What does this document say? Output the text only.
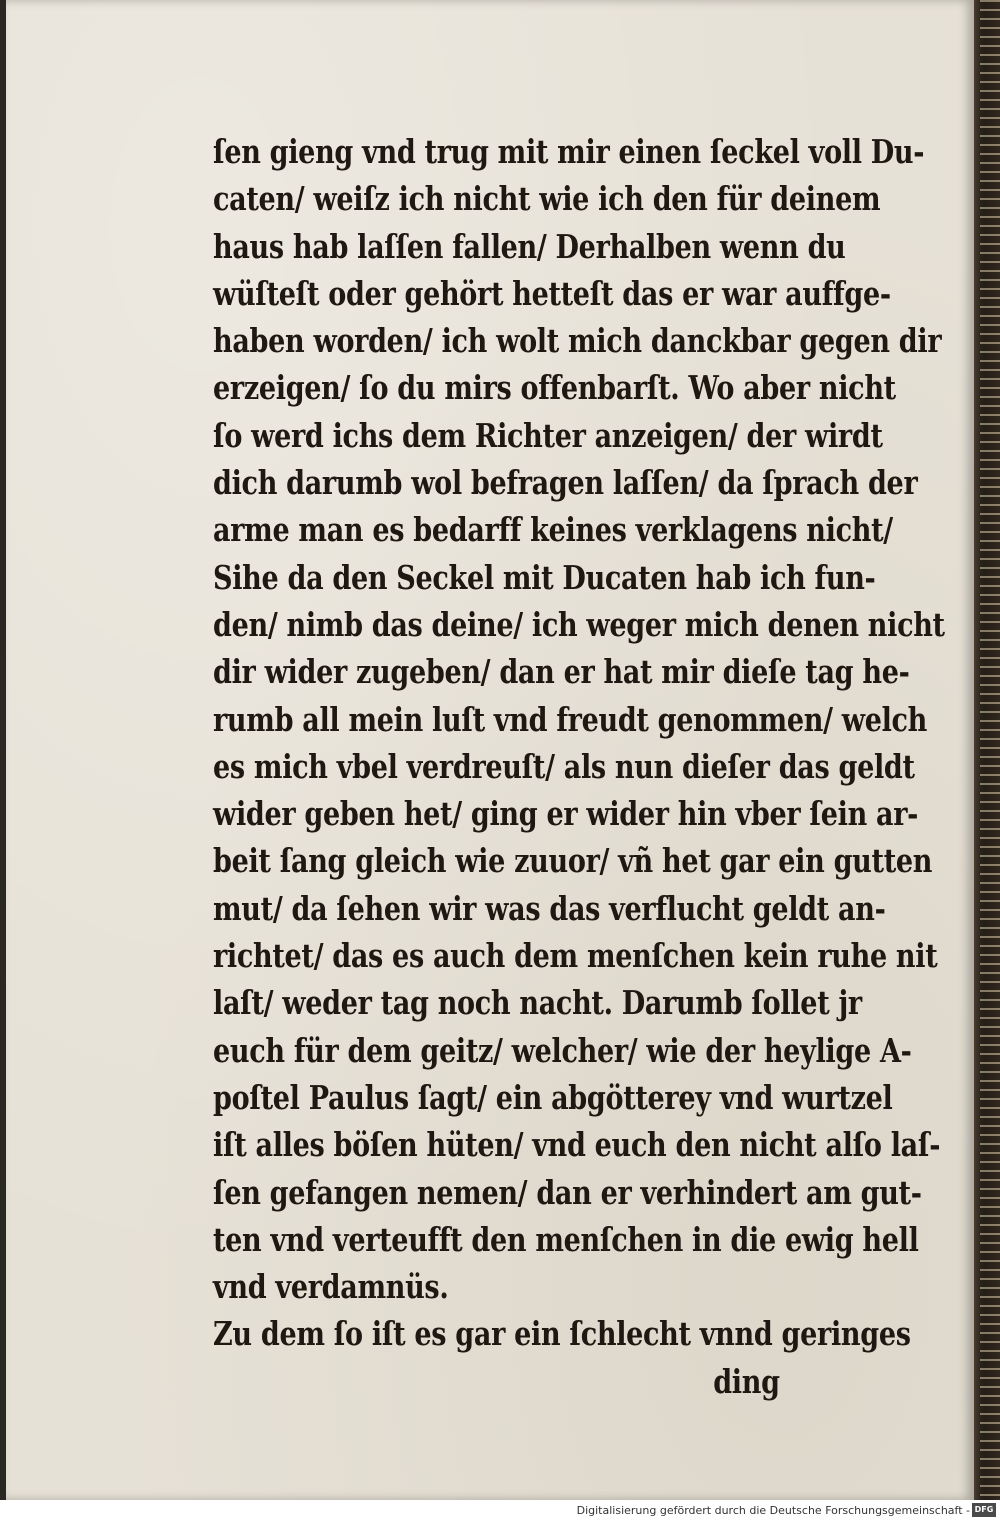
ſen gieng vnd trug mit mir einen ſeckel voll Du-
caten/ weiſz ich nicht wie ich den für deinem
haus hab laſſen fallen/ Derhalben wenn du
wüſteſt oder gehört hetteſt das er war auffge-
haben worden/ ich wolt mich danckbar gegen dir
erzeigen/ ſo du mirs offenbarſt. Wo aber nicht
ſo werd ichs dem Richter anzeigen/ der wirdt
dich darumb wol befragen laſſen/ da ſprach der
arme man es bedarff keines verklagens nicht/
Sihe da den Seckel mit Ducaten hab ich fun-
den/ nimb das deine/ ich weger mich denen nicht
dir wider zugeben/ dan er hat mir dieſe tag he-
rumb all mein luſt vnd freudt genommen/ welch
es mich vbel verdreuſt/ als nun dieſer das geldt
wider geben het/ ging er wider hin vber ſein ar-
beit ſang gleich wie zuuor/ vñ het gar ein gutten
mut/ da ſehen wir was das verflucht geldt an-
richtet/ das es auch dem menſchen kein ruhe nit
laſt/ weder tag noch nacht. Darumb ſollet jr
euch für dem geitz/ welcher/ wie der heylige A-
poſtel Paulus ſagt/ ein abgötterey vnd wurtzel
iſt alles böſen hüten/ vnd euch den nicht alſo laſ-
ſen gefangen nemen/ dan er verhindert am gut-
ten vnd verteufft den menſchen in die ewig hell
vnd verdamnüs.
Zu dem ſo iſt es gar ein ſchlecht vnnd geringes
ding
Digitalisierung gefördert durch die Deutsche Forschungsgemeinschaft - DFG
